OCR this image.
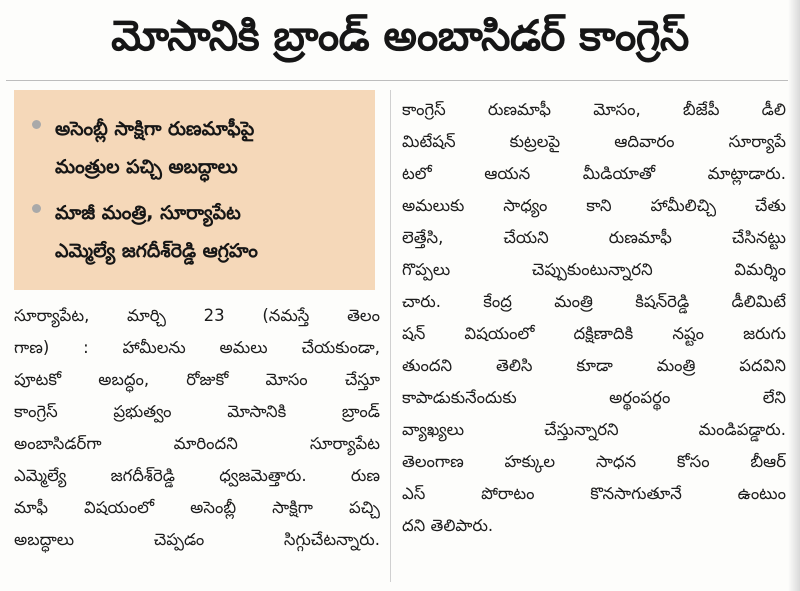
మోసానికి బ్రాండ్ అంబాసిడర్ కాంగ్రెస్
అసెంబ్లీ సాక్షిగా రుణమాఫీపై
మంత్రుల పచ్చి అబద్ధాలు
మాజీ మంత్రి, సూర్యాపేట
ఎమ్మెల్యే జగదీశ్‌రెడ్డి ఆగ్రహం
సూర్యాపేట, మార్చి 23 (నమస్తే తెలం
గాణ) : హామీలను అమలు చేయకుండా,
పూటకో అబద్ధం, రోజుకో మోసం చేస్తూ
కాంగ్రెస్ ప్రభుత్వం మోసానికి బ్రాండ్
అంబాసిడర్‌గా మారిందని సూర్యాపేట
ఎమ్మెల్యే జగదీశ్‌రెడ్డి ధ్వజమెత్తారు. రుణ
మాఫీ విషయంలో అసెంబ్లీ సాక్షిగా పచ్చి
అబద్ధాలు చెప్పడం సిగ్గుచేటన్నారు.
కాంగ్రెస్ రుణమాఫీ మోసం, బీజేపీ డీలి
మిటేషన్ కుట్రలపై ఆదివారం సూర్యాపే
టలో ఆయన మీడియాతో మాట్లాడారు.
అమలుకు సాధ్యం కాని హామీలిచ్చి చేతు
లెత్తేసి, చేయని రుణమాఫీ చేసినట్టు
గొప్పలు చెప్పుకుంటున్నారని విమర్శిం
చారు. కేంద్ర మంత్రి కిషన్‌రెడ్డి డీలిమిటే
షన్ విషయంలో దక్షిణాదికి నష్టం జరుగు
తుందని తెలిసి కూడా మంత్రి పదవిని
కాపాడుకునేందుకు అర్థంపర్థం లేని
వ్యాఖ్యలు చేస్తున్నారని మండిపడ్డారు.
తెలంగాణ హక్కుల సాధన కోసం బీఆర్
ఎస్ పోరాటం కొనసాగుతూనే ఉంటుం
దని తెలిపారు.
